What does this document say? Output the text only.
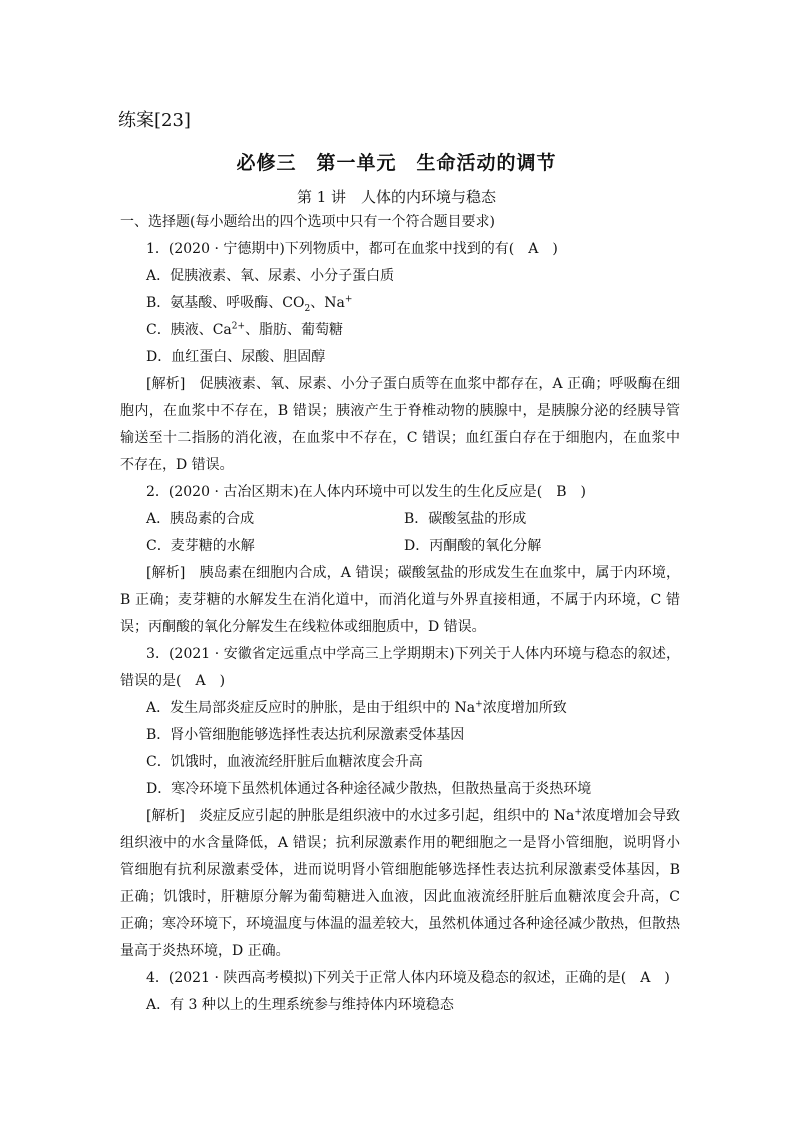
练案[23]
必修三　第一单元　生命活动的调节
第 1 讲　人体的内环境与稳态

一、选择题(每小题给出的四个选项中只有一个符合题目要求)

1．(2020 · 宁德期中)下列物质中，都可在血浆中找到的有(　A　)

A．促胰液素、氧、尿素、小分子蛋白质

B．氨基酸、呼吸酶、$CO_2$、Na+

C．胰液、$Ca^{2+}$、脂肪、葡萄糖

D．血红蛋白、尿酸、胆固醇

[解析]　促胰液素、氧、尿素、小分子蛋白质等在血浆中都存在，A 正确；呼吸酶在细胞内，在血浆中不存在，B 错误；胰液产生于脊椎动物的胰腺中，是胰腺分泌的经胰导管输送至十二指肠的消化液，在血浆中不存在，C 错误；血红蛋白存在于细胞内，在血浆中不存在，D 错误。

2．(2020 · 古冶区期末)在人体内环境中可以发生的生化反应是(　B　)

A．胰岛素的合成	B．碳酸氢盐的形成
C．麦芽糖的水解	D．丙酮酸的氧化分解

[解析]　胰岛素在细胞内合成，A 错误；碳酸氢盐的形成发生在血浆中，属于内环境，B 正确；麦芽糖的水解发生在消化道中，而消化道与外界直接相通，不属于内环境，C 错误；丙酮酸的氧化分解发生在线粒体或细胞质中，D 错误。

3．(2021 · 安徽省定远重点中学高三上学期期末)下列关于人体内环境与稳态的叙述，错误的是(　A　)

A．发生局部炎症反应时的肿胀，是由于组织中的 Na+浓度增加所致

B．肾小管细胞能够选择性表达抗利尿激素受体基因

C．饥饿时，血液流经肝脏后血糖浓度会升高

D．寒冷环境下虽然机体通过各种途径减少散热，但散热量高于炎热环境

[解析]　炎症反应引起的肿胀是组织液中的水过多引起，组织中的 Na+浓度增加会导致组织液中的水含量降低，A 错误；抗利尿激素作用的靶细胞之一是肾小管细胞，说明肾小管细胞有抗利尿激素受体，进而说明肾小管细胞能够选择性表达抗利尿激素受体基因，B 正确；饥饿时，肝糖原分解为葡萄糖进入血液，因此血液流经肝脏后血糖浓度会升高，C 正确；寒冷环境下，环境温度与体温的温差较大，虽然机体通过各种途径减少散热，但散热量高于炎热环境，D 正确。

4．(2021 · 陕西高考模拟)下列关于正常人体内环境及稳态的叙述，正确的是(　A　)

A．有 3 种以上的生理系统参与维持体内环境稳态
